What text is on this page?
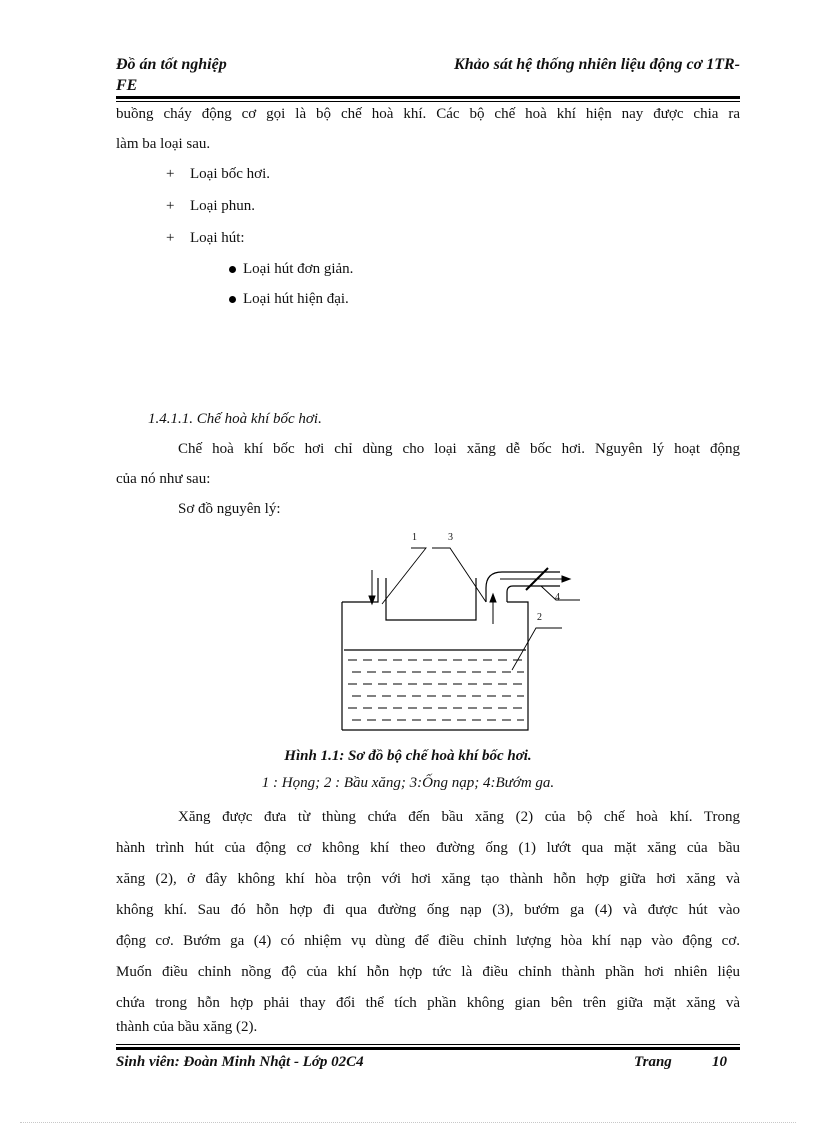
Đồ án tốt nghiệp
FE
Khảo sát hệ thống nhiên liệu động cơ 1TR-
buồng cháy động cơ gọi là bộ chế hoà khí. Các bộ chế hoà khí hiện nay được chia ra
làm ba loại sau.
+ Loại bốc hơi.
+ Loại phun.
+ Loại hút:
Loại hút đơn giản.
Loại hút hiện đại.
1.4.1.1. Chế hoà khí bốc hơi.
Chế hoà khí bốc hơi chỉ dùng cho loại xăng dễ bốc hơi. Nguyên lý hoạt động
của nó như sau:
Sơ đồ nguyên lý:
1	3
4
2
Hình 1.1: Sơ đồ bộ chế hoà khí bốc hơi.
1 : Họng; 2 : Bầu xăng; 3:Ống nạp; 4:Bướm ga.
Xăng được đưa từ thùng chứa đến bầu xăng (2) của bộ chế hoà khí. Trong
hành trình hút của động cơ không khí theo đường ống (1) lướt qua mặt xăng của bầu
xăng (2), ở đây không khí hòa trộn với hơi xăng tạo thành hỗn hợp giữa hơi xăng và
không khí. Sau đó hỗn hợp đi qua đường ống nạp (3), bướm ga (4) và được hút vào
động cơ. Bướm ga (4) có nhiệm vụ dùng để điều chỉnh lượng hòa khí nạp vào động cơ.
Muốn điều chỉnh nồng độ của khí hỗn hợp tức là điều chỉnh thành phần hơi nhiên liệu
chứa trong hỗn hợp phải thay đổi thể tích phần không gian bên trên giữa mặt xăng và
thành của bầu xăng (2).
Sinh viên: Đoàn Minh Nhật - Lớp 02C4	Trang	10
